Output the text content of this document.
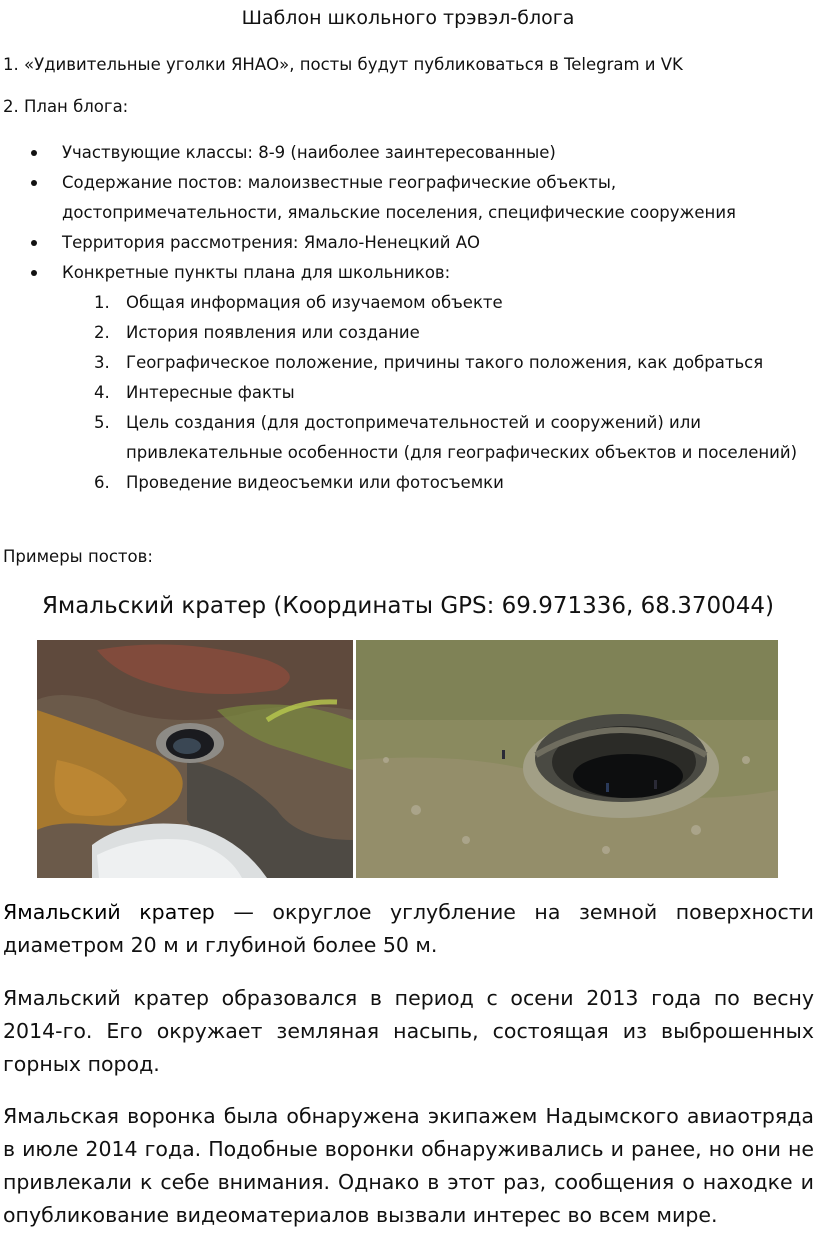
Шаблон школьного трэвэл-блога
1. «Удивительные уголки ЯНАО», посты будут публиковаться в Telegram и VK
2. План блога:
Участвующие классы: 8-9 (наиболее заинтересованные)
Содержание постов: малоизвестные географические объекты, достопримечательности, ямальские поселения, специфические сооружения
Территория рассмотрения: Ямало-Ненецкий АО
Конкретные пункты плана для школьников:
1. Общая информация об изучаемом объекте
2. История появления или создание
3. Географическое положение, причины такого положения, как добраться
4. Интересные факты
5. Цель создания (для достопримечательностей и сооружений) или привлекательные особенности (для географических объектов и поселений)
6. Проведение видеосъемки или фотосъемки
Примеры постов:
Ямальский кратер (Координаты GPS: 69.971336, 68.370044)
Ямальский кратер — округлое углубление на земной поверхности диаметром 20 м и глубиной более 50 м.
Ямальский кратер образовался в период с осени 2013 года по весну 2014-го. Его окружает земляная насыпь, состоящая из выброшенных горных пород.
Ямальская воронка была обнаружена экипажем Надымского авиаотряда в июле 2014 года. Подобные воронки обнаруживались и ранее, но они не привлекали к себе внимания. Однако в этот раз, сообщения о находке и опубликование видеоматериалов вызвали интерес во всем мире.
